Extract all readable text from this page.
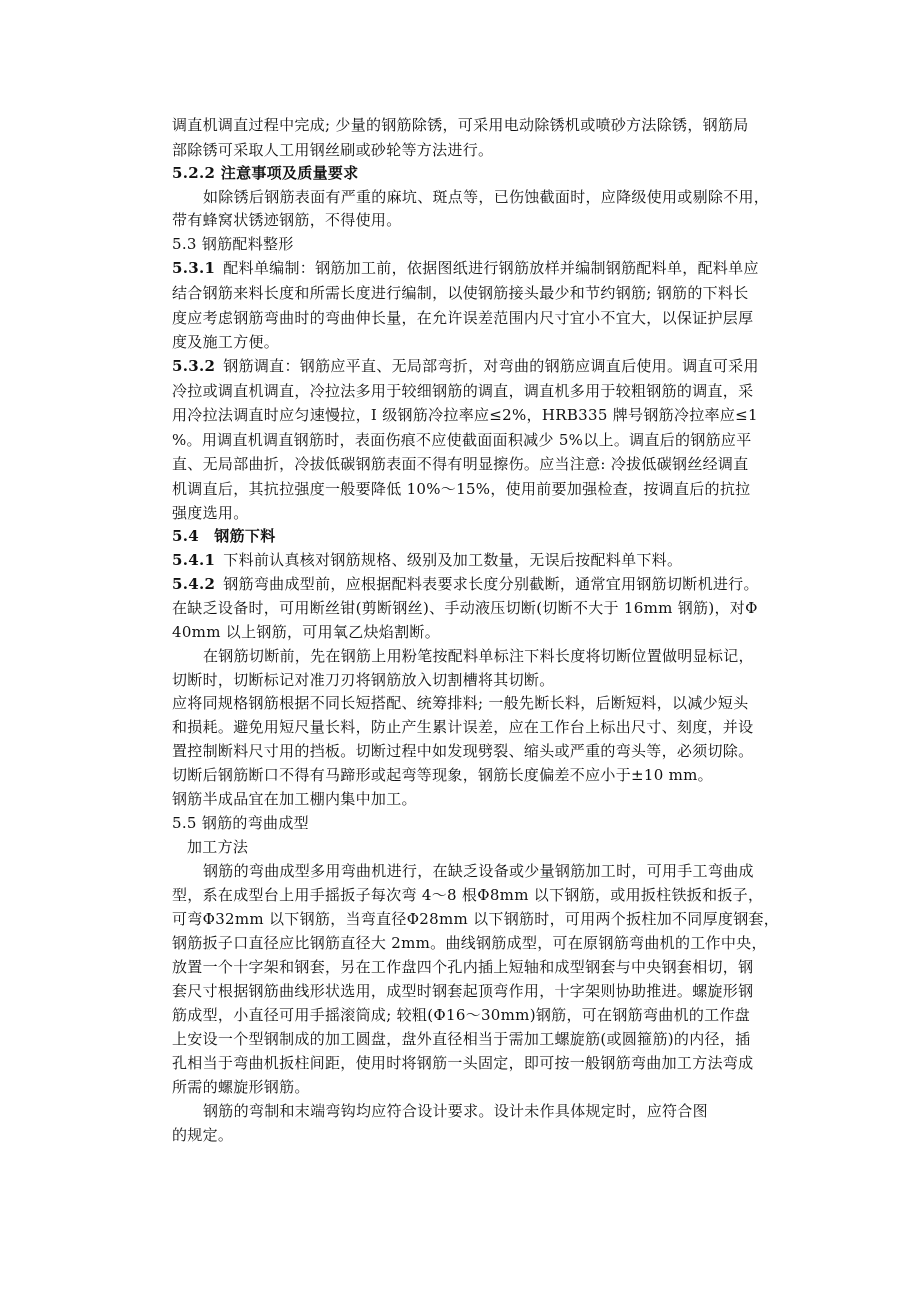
调直机调直过程中完成; 少量的钢筋除锈，可采用电动除锈机或喷砂方法除锈，钢筋局
部除锈可采取人工用钢丝刷或砂轮等方法进行。
5.2.2 注意事项及质量要求
如除锈后钢筋表面有严重的麻坑、斑点等，已伤蚀截面时，应降级使用或剔除不用，
带有蜂窝状锈迹钢筋，不得使用。
5.3 钢筋配料整形
5.3.1 配料单编制：钢筋加工前，依据图纸进行钢筋放样并编制钢筋配料单，配料单应
结合钢筋来料长度和所需长度进行编制，以使钢筋接头最少和节约钢筋; 钢筋的下料长
度应考虑钢筋弯曲时的弯曲伸长量，在允许误差范围内尺寸宜小不宜大，以保证护层厚
度及施工方便。
5.3.2 钢筋调直：钢筋应平直、无局部弯折，对弯曲的钢筋应调直后使用。调直可采用
冷拉或调直机调直，冷拉法多用于较细钢筋的调直，调直机多用于较粗钢筋的调直，采
用冷拉法调直时应匀速慢拉，I 级钢筋冷拉率应≤2%，HRB335 牌号钢筋冷拉率应≤1
%。用调直机调直钢筋时，表面伤痕不应使截面面积减少 5%以上。调直后的钢筋应平
直、无局部曲折，冷拔低碳钢筋表面不得有明显擦伤。应当注意: 冷拔低碳钢丝经调直
机调直后，其抗拉强度一般要降低 10%～15%，使用前要加强检查，按调直后的抗拉
强度选用。
5.4　钢筋下料
5.4.1 下料前认真核对钢筋规格、级别及加工数量，无误后按配料单下料。
5.4.2 钢筋弯曲成型前，应根据配料表要求长度分别截断，通常宜用钢筋切断机进行。
在缺乏设备时，可用断丝钳(剪断钢丝)、手动液压切断(切断不大于 16mm 钢筋)，对Φ
40mm 以上钢筋，可用氧乙炔焰割断。
在钢筋切断前，先在钢筋上用粉笔按配料单标注下料长度将切断位置做明显标记，
切断时，切断标记对准刀刃将钢筋放入切割槽将其切断。
应将同规格钢筋根据不同长短搭配、统筹排料; 一般先断长料，后断短料，以减少短头
和损耗。避免用短尺量长料，防止产生累计误差，应在工作台上标出尺寸、刻度，并设
置控制断料尺寸用的挡板。切断过程中如发现劈裂、缩头或严重的弯头等，必须切除。
切断后钢筋断口不得有马蹄形或起弯等现象，钢筋长度偏差不应小于±10 mm。
钢筋半成品宜在加工棚内集中加工。
5.5 钢筋的弯曲成型
加工方法
钢筋的弯曲成型多用弯曲机进行，在缺乏设备或少量钢筋加工时，可用手工弯曲成
型，系在成型台上用手摇扳子每次弯 4～8 根Φ8mm 以下钢筋，或用扳柱铁扳和扳子，
可弯Φ32mm 以下钢筋，当弯直径Φ28mm 以下钢筋时，可用两个扳柱加不同厚度钢套，
钢筋扳子口直径应比钢筋直径大 2mm。曲线钢筋成型，可在原钢筋弯曲机的工作中央，
放置一个十字架和钢套，另在工作盘四个孔内插上短轴和成型钢套与中央钢套相切，钢
套尺寸根据钢筋曲线形状选用，成型时钢套起顶弯作用，十字架则协助推进。螺旋形钢
筋成型，小直径可用手摇滚筒成; 较粗(Φ16～30mm)钢筋，可在钢筋弯曲机的工作盘
上安设一个型钢制成的加工圆盘，盘外直径相当于需加工螺旋筋(或圆箍筋)的内径，插
孔相当于弯曲机扳柱间距，使用时将钢筋一头固定，即可按一般钢筋弯曲加工方法弯成
所需的螺旋形钢筋。
钢筋的弯制和末端弯钩均应符合设计要求。设计未作具体规定时，应符合图
的规定。
